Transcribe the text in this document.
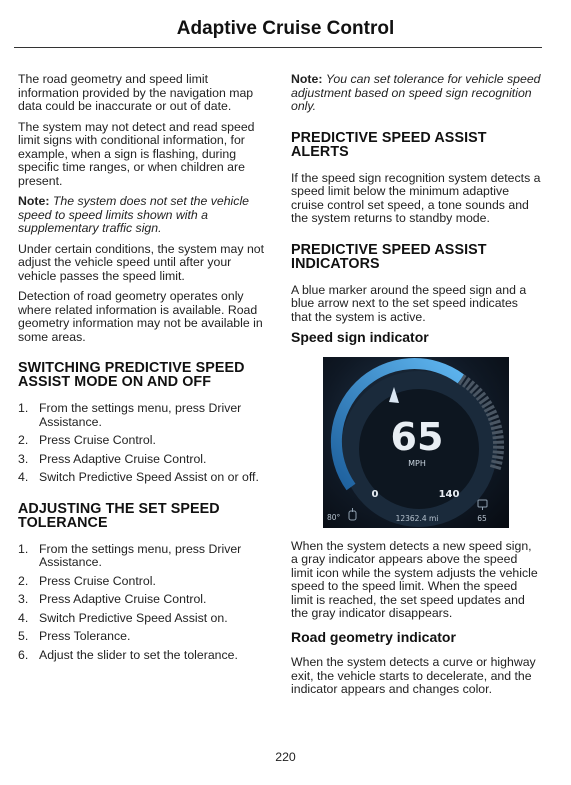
Adaptive Cruise Control

The road geometry and speed limit information provided by the navigation map data could be inaccurate or out of date.

The system may not detect and read speed limit signs with conditional information, for example, when a sign is flashing, during specific time ranges, or when children are present.

Note: The system does not set the vehicle speed to speed limits shown with a supplementary traffic sign.

Under certain conditions, the system may not adjust the vehicle speed until after your vehicle passes the speed limit.

Detection of road geometry operates only where related information is available. Road geometry information may not be available in some areas.

SWITCHING PREDICTIVE SPEED ASSIST MODE ON AND OFF
1. From the settings menu, press Driver Assistance.
2. Press Cruise Control.
3. Press Adaptive Cruise Control.
4. Switch Predictive Speed Assist on or off.
ADJUSTING THE SET SPEED TOLERANCE
1. From the settings menu, press Driver Assistance.
2. Press Cruise Control.
3. Press Adaptive Cruise Control.
4. Switch Predictive Speed Assist on.
5. Press Tolerance.
6. Adjust the slider to set the tolerance.

Note: You can set tolerance for vehicle speed adjustment based on speed sign recognition only.

PREDICTIVE SPEED ASSIST ALERTS

If the speed sign recognition system detects a speed limit below the minimum adaptive cruise control set speed, a tone sounds and the system returns to standby mode.

PREDICTIVE SPEED ASSIST INDICATORS

A blue marker around the speed sign and a blue arrow next to the set speed indicates that the system is active.

Speed sign indicator
65
MPH
0	140
80°	12362.4 mi	65

When the system detects a new speed sign, a gray indicator appears above the speed limit icon while the system adjusts the vehicle speed to the speed limit. When the speed limit is reached, the set speed updates and the gray indicator disappears.

Road geometry indicator

When the system detects a curve or highway exit, the vehicle starts to decelerate, and the indicator appears and changes color.

220
